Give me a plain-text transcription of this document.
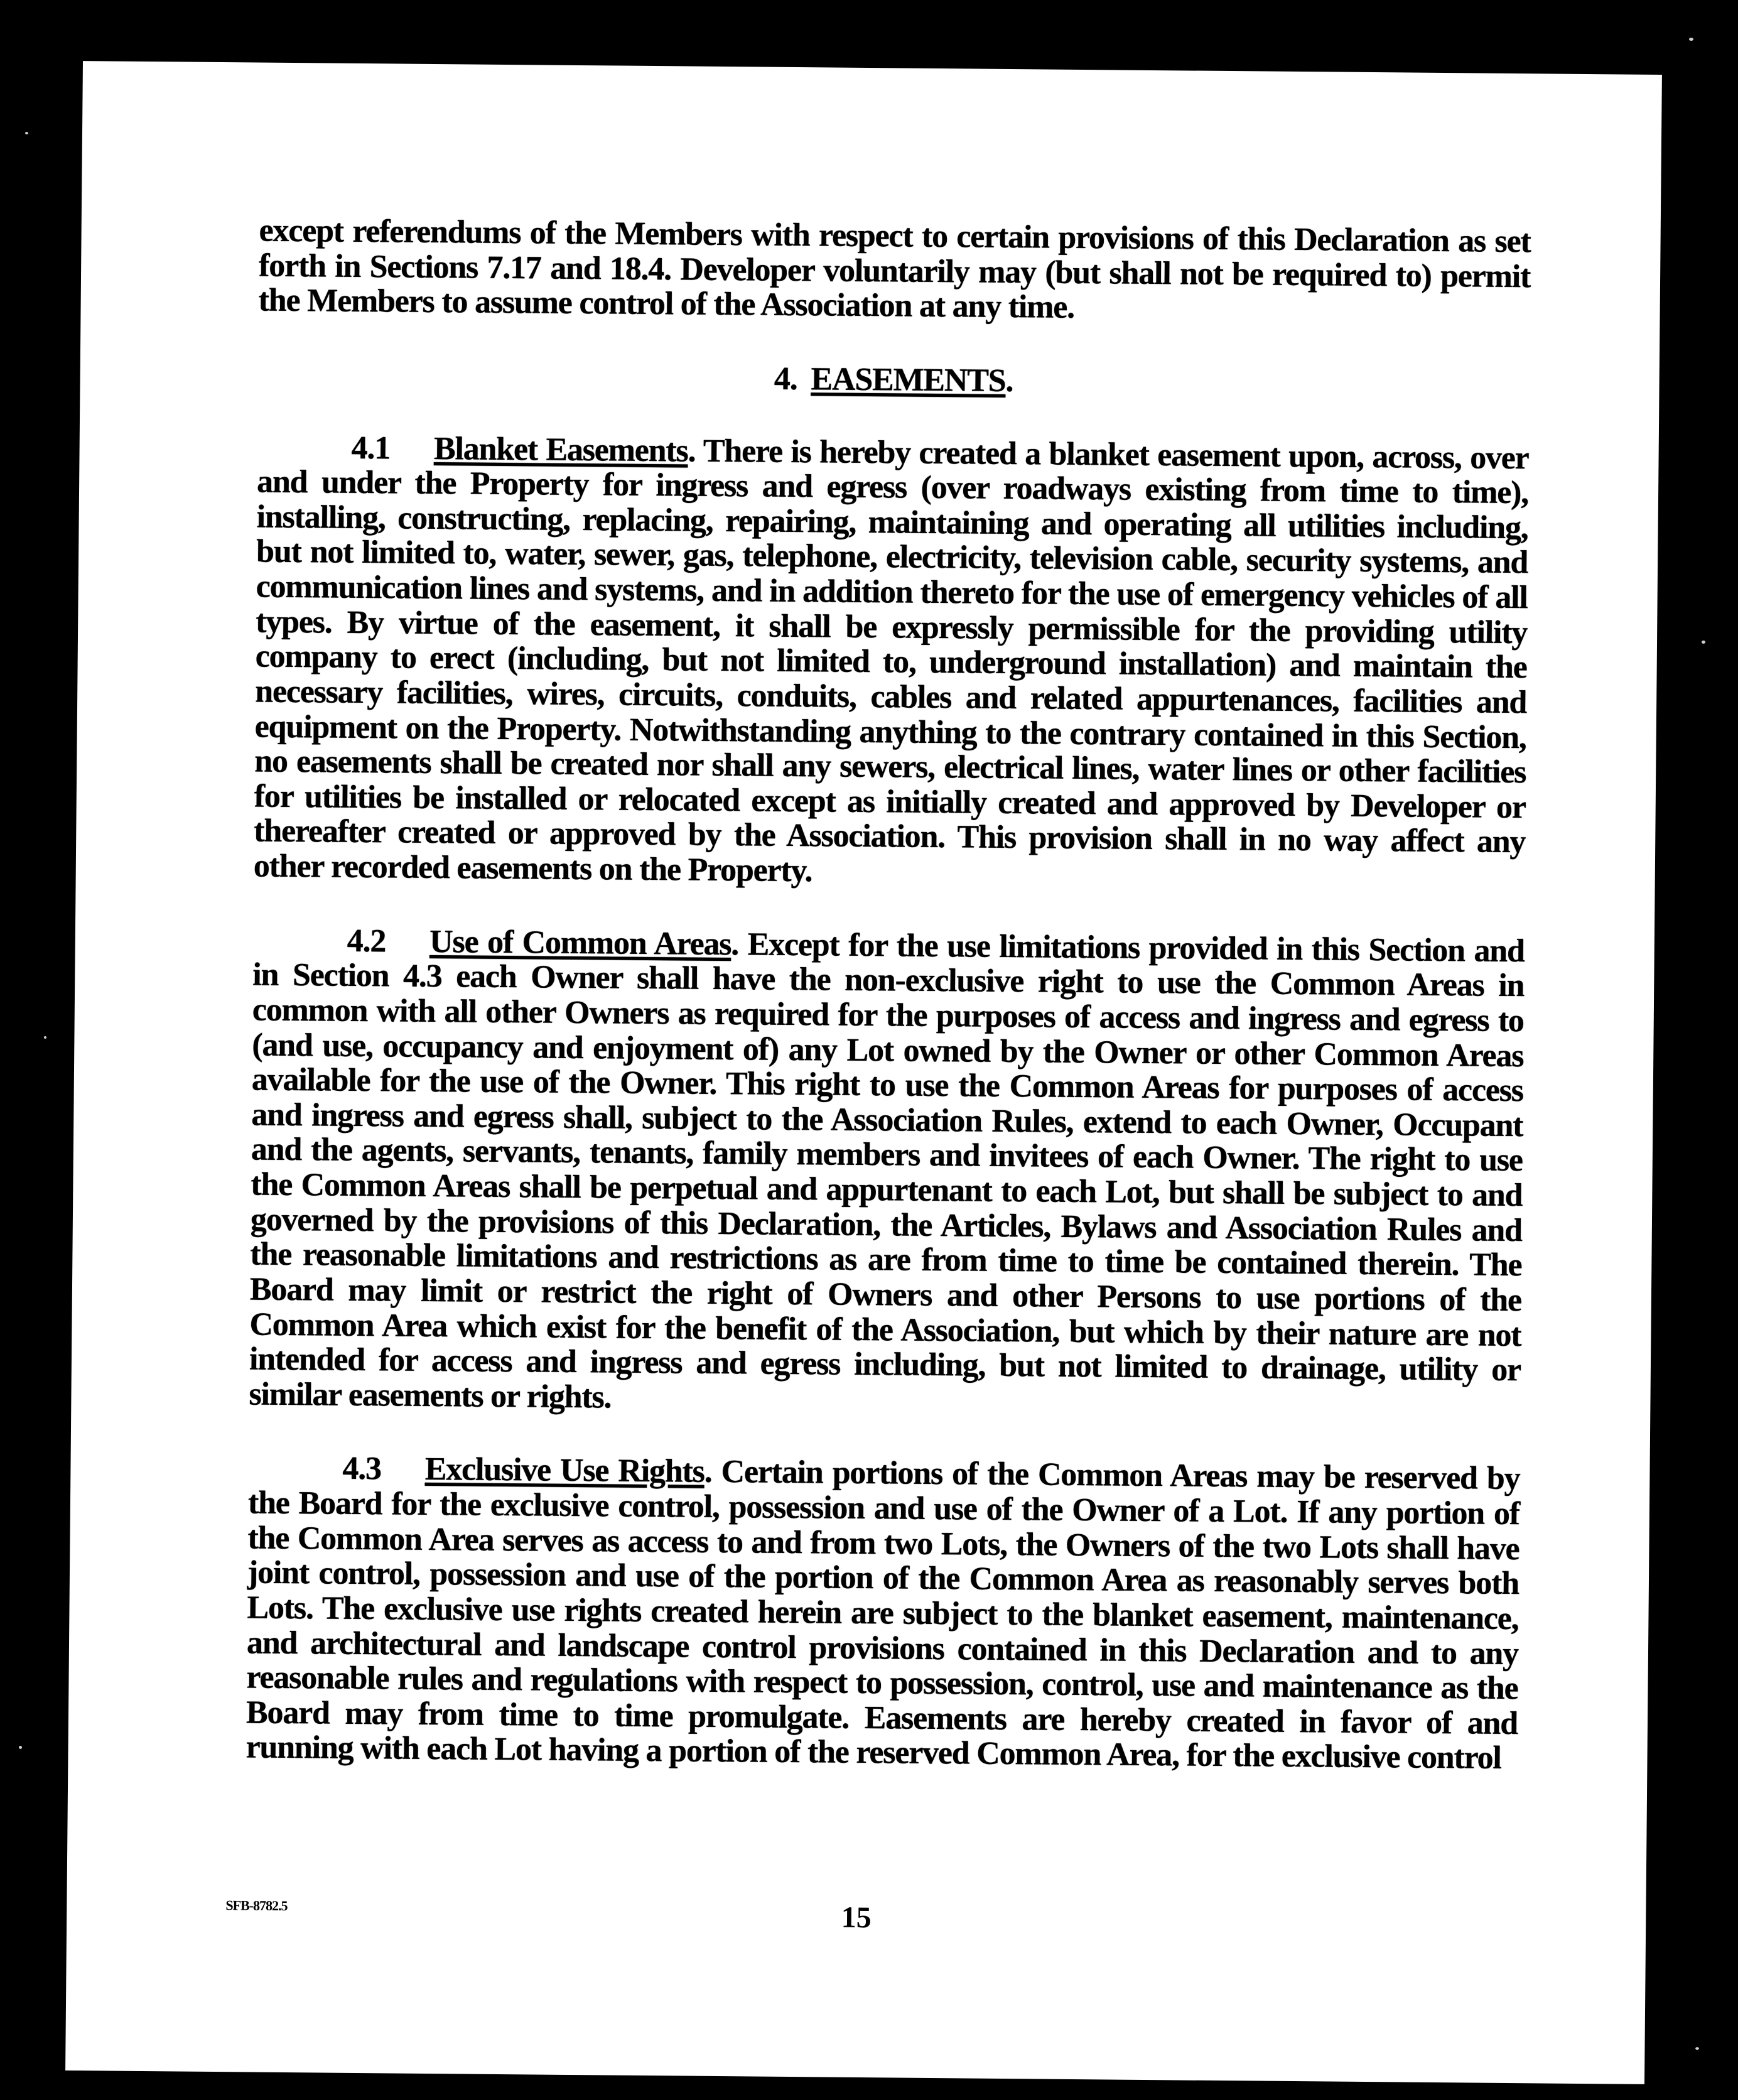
except referendums of the Members with respect to certain provisions of this Declaration as set forth in Sections 7.17 and 18.4. Developer voluntarily may (but shall not be required to) permit the Members to assume control of the Association at any time.

4. EASEMENTS.

4.1 Blanket Easements. There is hereby created a blanket easement upon, across, over and under the Property for ingress and egress (over roadways existing from time to time), installing, constructing, replacing, repairing, maintaining and operating all utilities including, but not limited to, water, sewer, gas, telephone, electricity, television cable, security systems, and communication lines and systems, and in addition thereto for the use of emergency vehicles of all types. By virtue of the easement, it shall be expressly permissible for the providing utility company to erect (including, but not limited to, underground installation) and maintain the necessary facilities, wires, circuits, conduits, cables and related appurtenances, facilities and equipment on the Property. Notwithstanding anything to the contrary contained in this Section, no easements shall be created nor shall any sewers, electrical lines, water lines or other facilities for utilities be installed or relocated except as initially created and approved by Developer or thereafter created or approved by the Association. This provision shall in no way affect any other recorded easements on the Property.

4.2 Use of Common Areas. Except for the use limitations provided in this Section and in Section 4.3 each Owner shall have the non-exclusive right to use the Common Areas in common with all other Owners as required for the purposes of access and ingress and egress to (and use, occupancy and enjoyment of) any Lot owned by the Owner or other Common Areas available for the use of the Owner. This right to use the Common Areas for purposes of access and ingress and egress shall, subject to the Association Rules, extend to each Owner, Occupant and the agents, servants, tenants, family members and invitees of each Owner. The right to use the Common Areas shall be perpetual and appurtenant to each Lot, but shall be subject to and governed by the provisions of this Declaration, the Articles, Bylaws and Association Rules and the reasonable limitations and restrictions as are from time to time be contained therein. The Board may limit or restrict the right of Owners and other Persons to use portions of the Common Area which exist for the benefit of the Association, but which by their nature are not intended for access and ingress and egress including, but not limited to drainage, utility or similar easements or rights.

4.3 Exclusive Use Rights. Certain portions of the Common Areas may be reserved by the Board for the exclusive control, possession and use of the Owner of a Lot. If any portion of the Common Area serves as access to and from two Lots, the Owners of the two Lots shall have joint control, possession and use of the portion of the Common Area as reasonably serves both Lots. The exclusive use rights created herein are subject to the blanket easement, maintenance, and architectural and landscape control provisions contained in this Declaration and to any reasonable rules and regulations with respect to possession, control, use and maintenance as the Board may from time to time promulgate. Easements are hereby created in favor of and running with each Lot having a portion of the reserved Common Area, for the exclusive control

SFB-8782.5	15
